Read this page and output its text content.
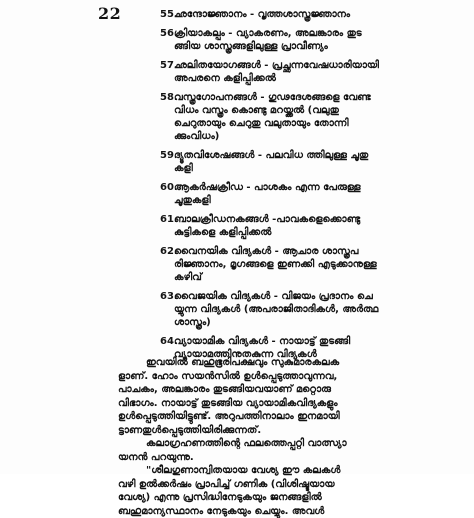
22	55.
ഛന്ദോജ്ഞാനം - വൃത്തശാസ്ത്രജ്ഞാനം
56.
ക്രിയാകല്പം - വ്യാകരണം, അലങ്കാരം തുട
ങ്ങിയ ശാസ്ത്രങ്ങളിലുള്ള പ്രാവീണ്യം
57.
ഛലിതയോഗങ്ങൾ - പ്രച്ഛന്നവേഷധാരിയായി
അപരനെ കളിപ്പിക്കൽ
58.
വസ്ത്രഗോപനങ്ങൾ - ഗുഢദേശങ്ങളെ വേണ്ട
വിധം വസ്ത്രം കൊണ്ടു മറയ്ക്കൽ (വലുതു
ചെറുതായും ചെറുതു വലുതായും തോന്നി
ക്കുംവിധം)
59.
ദ്യൂതവിശേഷങ്ങൾ - പലവിധ ത്തിലുള്ള ചൂതു
കളി
60.
ആകർഷക്രീഡ - പാശകം എന്ന പേരുള്ള
ചൂതുകളി
61.
ബാലക്രീഡനകങ്ങൾ -പാവകളെക്കൊണ്ടു
കുട്ടികളെ കളിപ്പിക്കൽ
62.
വൈനയിക വിദ്യകൾ - ആചാര ശാസ്ത്രപ
രിജ്ഞാനം, മൃഗങ്ങളെ ഇണക്കി എടുക്കാനുള്ള
കഴിവ്
63.
വൈജയിക വിദ്യകൾ - വിജയം പ്രദാനം ചെ
യ്യുന്ന വിദ്യകൾ (അപരാജിതാദികൾ, അർത്ഥ
ശാസ്ത്രം)
64.
വ്യായാമിക വിദ്യകൾ - നായാട്ട് തുടങ്ങി
വ്യായാമത്തിനുതകുന്ന വിദ്യകൾ
ഇവയിൽ ബഹുഭൂരിപക്ഷവും സുകുമാരകലക
ളാണ്. ഹോം സയൻസിൽ ഉൾപ്പെടുത്താവുന്നവ,
പാചകം, അലങ്കാരം തുടങ്ങിയവയാണ് മറ്റൊരു
വിഭാഗം. നായാട്ട് തുടങ്ങിയ വ്യായാമികവിദ്യകളും
ഉൾപ്പെടുത്തിയിട്ടുണ്ട്. അറുപത്തിനാലാം ഇനമായി
ട്ടാണതുൾപ്പെടുത്തിയിരിക്കുന്നത്.
കലാഗ്രഹണത്തിന്റെ ഫലത്തെപ്പറ്റി വാത്സ്യാ
യനൻ പറയുന്നു.
"ശീലഗുണാന്വിതയായ വേശ്യ ഈ കലകൾ
വഴി ഉൽക്കർഷം പ്രാപിച്ച് ഗണിക (വിശിഷ്ടയായ
വേശ്യ) എന്നു പ്രസിദ്ധിനേടുകയും ജനങ്ങളിൽ
ബഹുമാന്യസ്ഥാനം നേടുകയും ചെയ്യും. അവൾ
